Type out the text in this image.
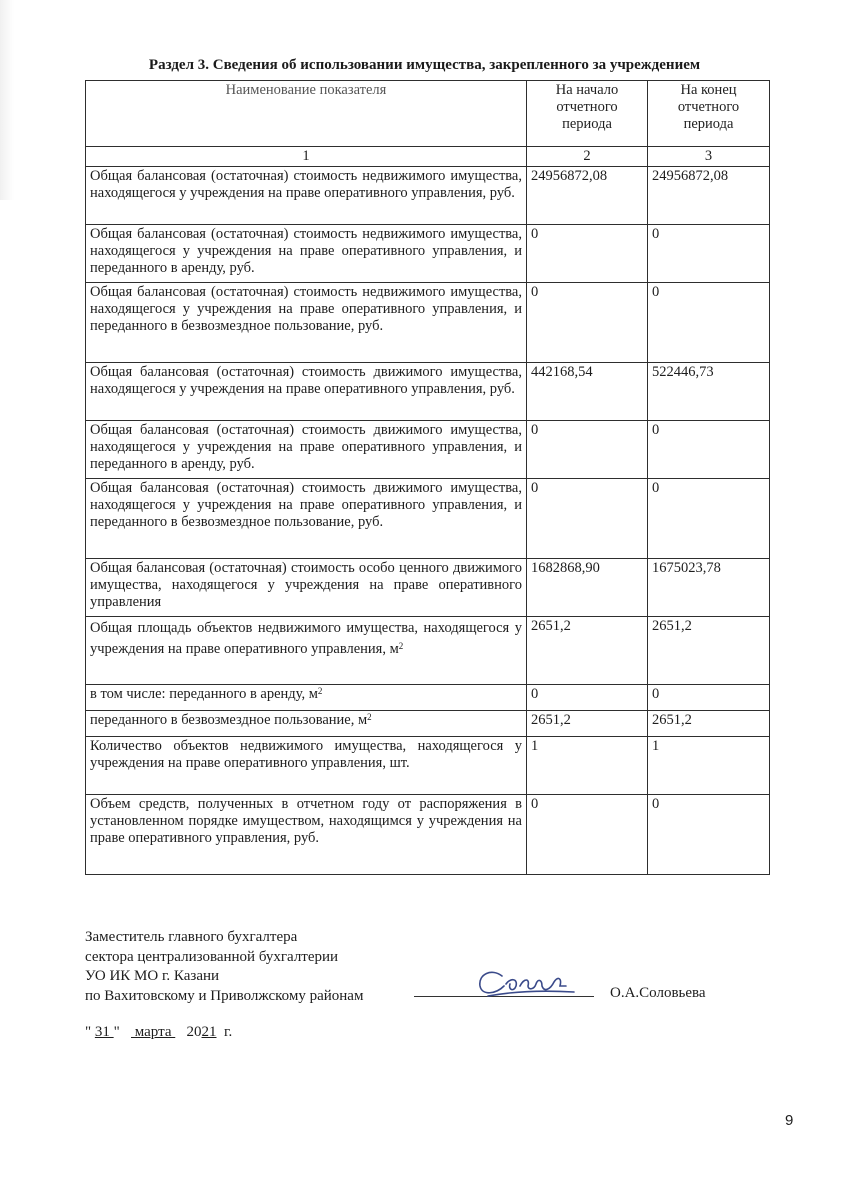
Раздел 3. Сведения об использовании имущества, закрепленного за учреждением
Наименование показателя	На начало отчетного периода	На конец отчетного периода
1	2	3
Общая балансовая (остаточная) стоимость недвижимого имущества, находящегося у учреждения на праве оперативного управления, руб.	24956872,08	24956872,08
Общая балансовая (остаточная) стоимость недвижимого имущества, находящегося у учреждения на праве оперативного управления, и переданного в аренду, руб.	0	0
Общая балансовая (остаточная) стоимость недвижимого имущества, находящегося у учреждения на праве оперативного управления, и переданного в безвозмездное пользование, руб.	0	0
Общая балансовая (остаточная) стоимость движимого имущества, находящегося у учреждения на праве оперативного управления, руб.	442168,54	522446,73
Общая балансовая (остаточная) стоимость движимого имущества, находящегося у учреждения на праве оперативного управления, и переданного в аренду, руб.	0	0
Общая балансовая (остаточная) стоимость движимого имущества, находящегося у учреждения на праве оперативного управления, и переданного в безвозмездное пользование, руб.	0	0
Общая балансовая (остаточная) стоимость особо ценного движимого имущества, находящегося у учреждения на праве оперативного управления	1682868,90	1675023,78
Общая площадь объектов недвижимого имущества, находящегося у учреждения на праве оперативного управления, $м^2$	2651,2	2651,2
в том числе: переданного в аренду, $м^2$	0	0
переданного в безвозмездное пользование, $м^2$	2651,2	2651,2
Количество объектов недвижимого имущества, находящегося у учреждения на праве оперативного управления, шт.	1	1
Объем средств, полученных в отчетном году от распоряжения в установленном порядке имуществом, находящимся у учреждения на праве оперативного управления, руб.	0	0
Заместитель главного бухгалтера
сектора централизованной бухгалтерии
УО ИК МО г. Казани
по Вахитовскому и Приволжскому районам	О.А.Соловьева
" 31 "    марта    2021 г.
9
